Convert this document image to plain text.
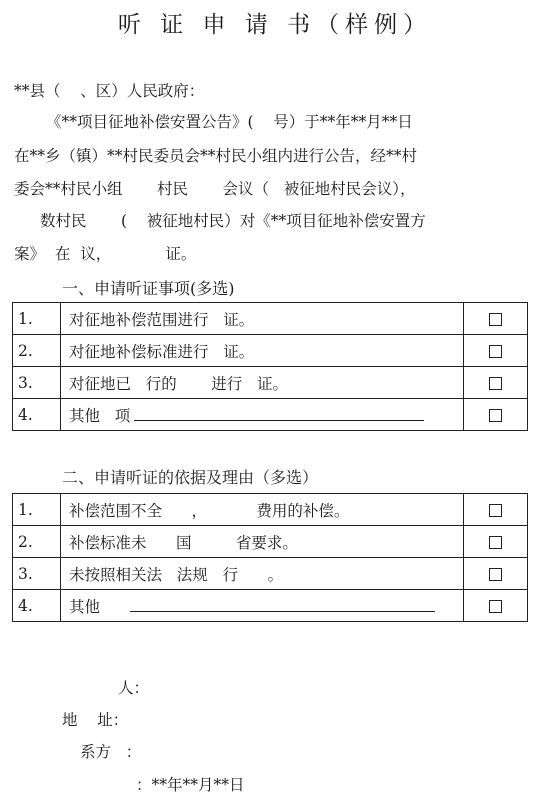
听 证 申 请 书（样例）
**县（    、区）人民政府：
《**项目征地补偿安置公告》(    号）于**年**月**日
在**乡（镇）**村民委员会**村民小组内进行公告，经**村
委会**村民小组       村民       会议（   被征地村民会议），
数村民       (    被征地村民）对《**项目征地补偿安置方
案》  在  议，           证。
一、申请听证事项(多选)
1.	对征地补偿范围进行   证。	
2.	对征地补偿标准进行   证。	
3.	对征地已   行的       进行   证。	
4.	其他   项	
二、申请听证的依据及理由（多选）
1.	补偿范围不全      ，          费用的补偿。	
2.	补偿标准未      国         省要求。	
3.	未按照相关法   法规   行      。	
4.	其他	
人：
地    址：
系方   ：
：**年**月**日
